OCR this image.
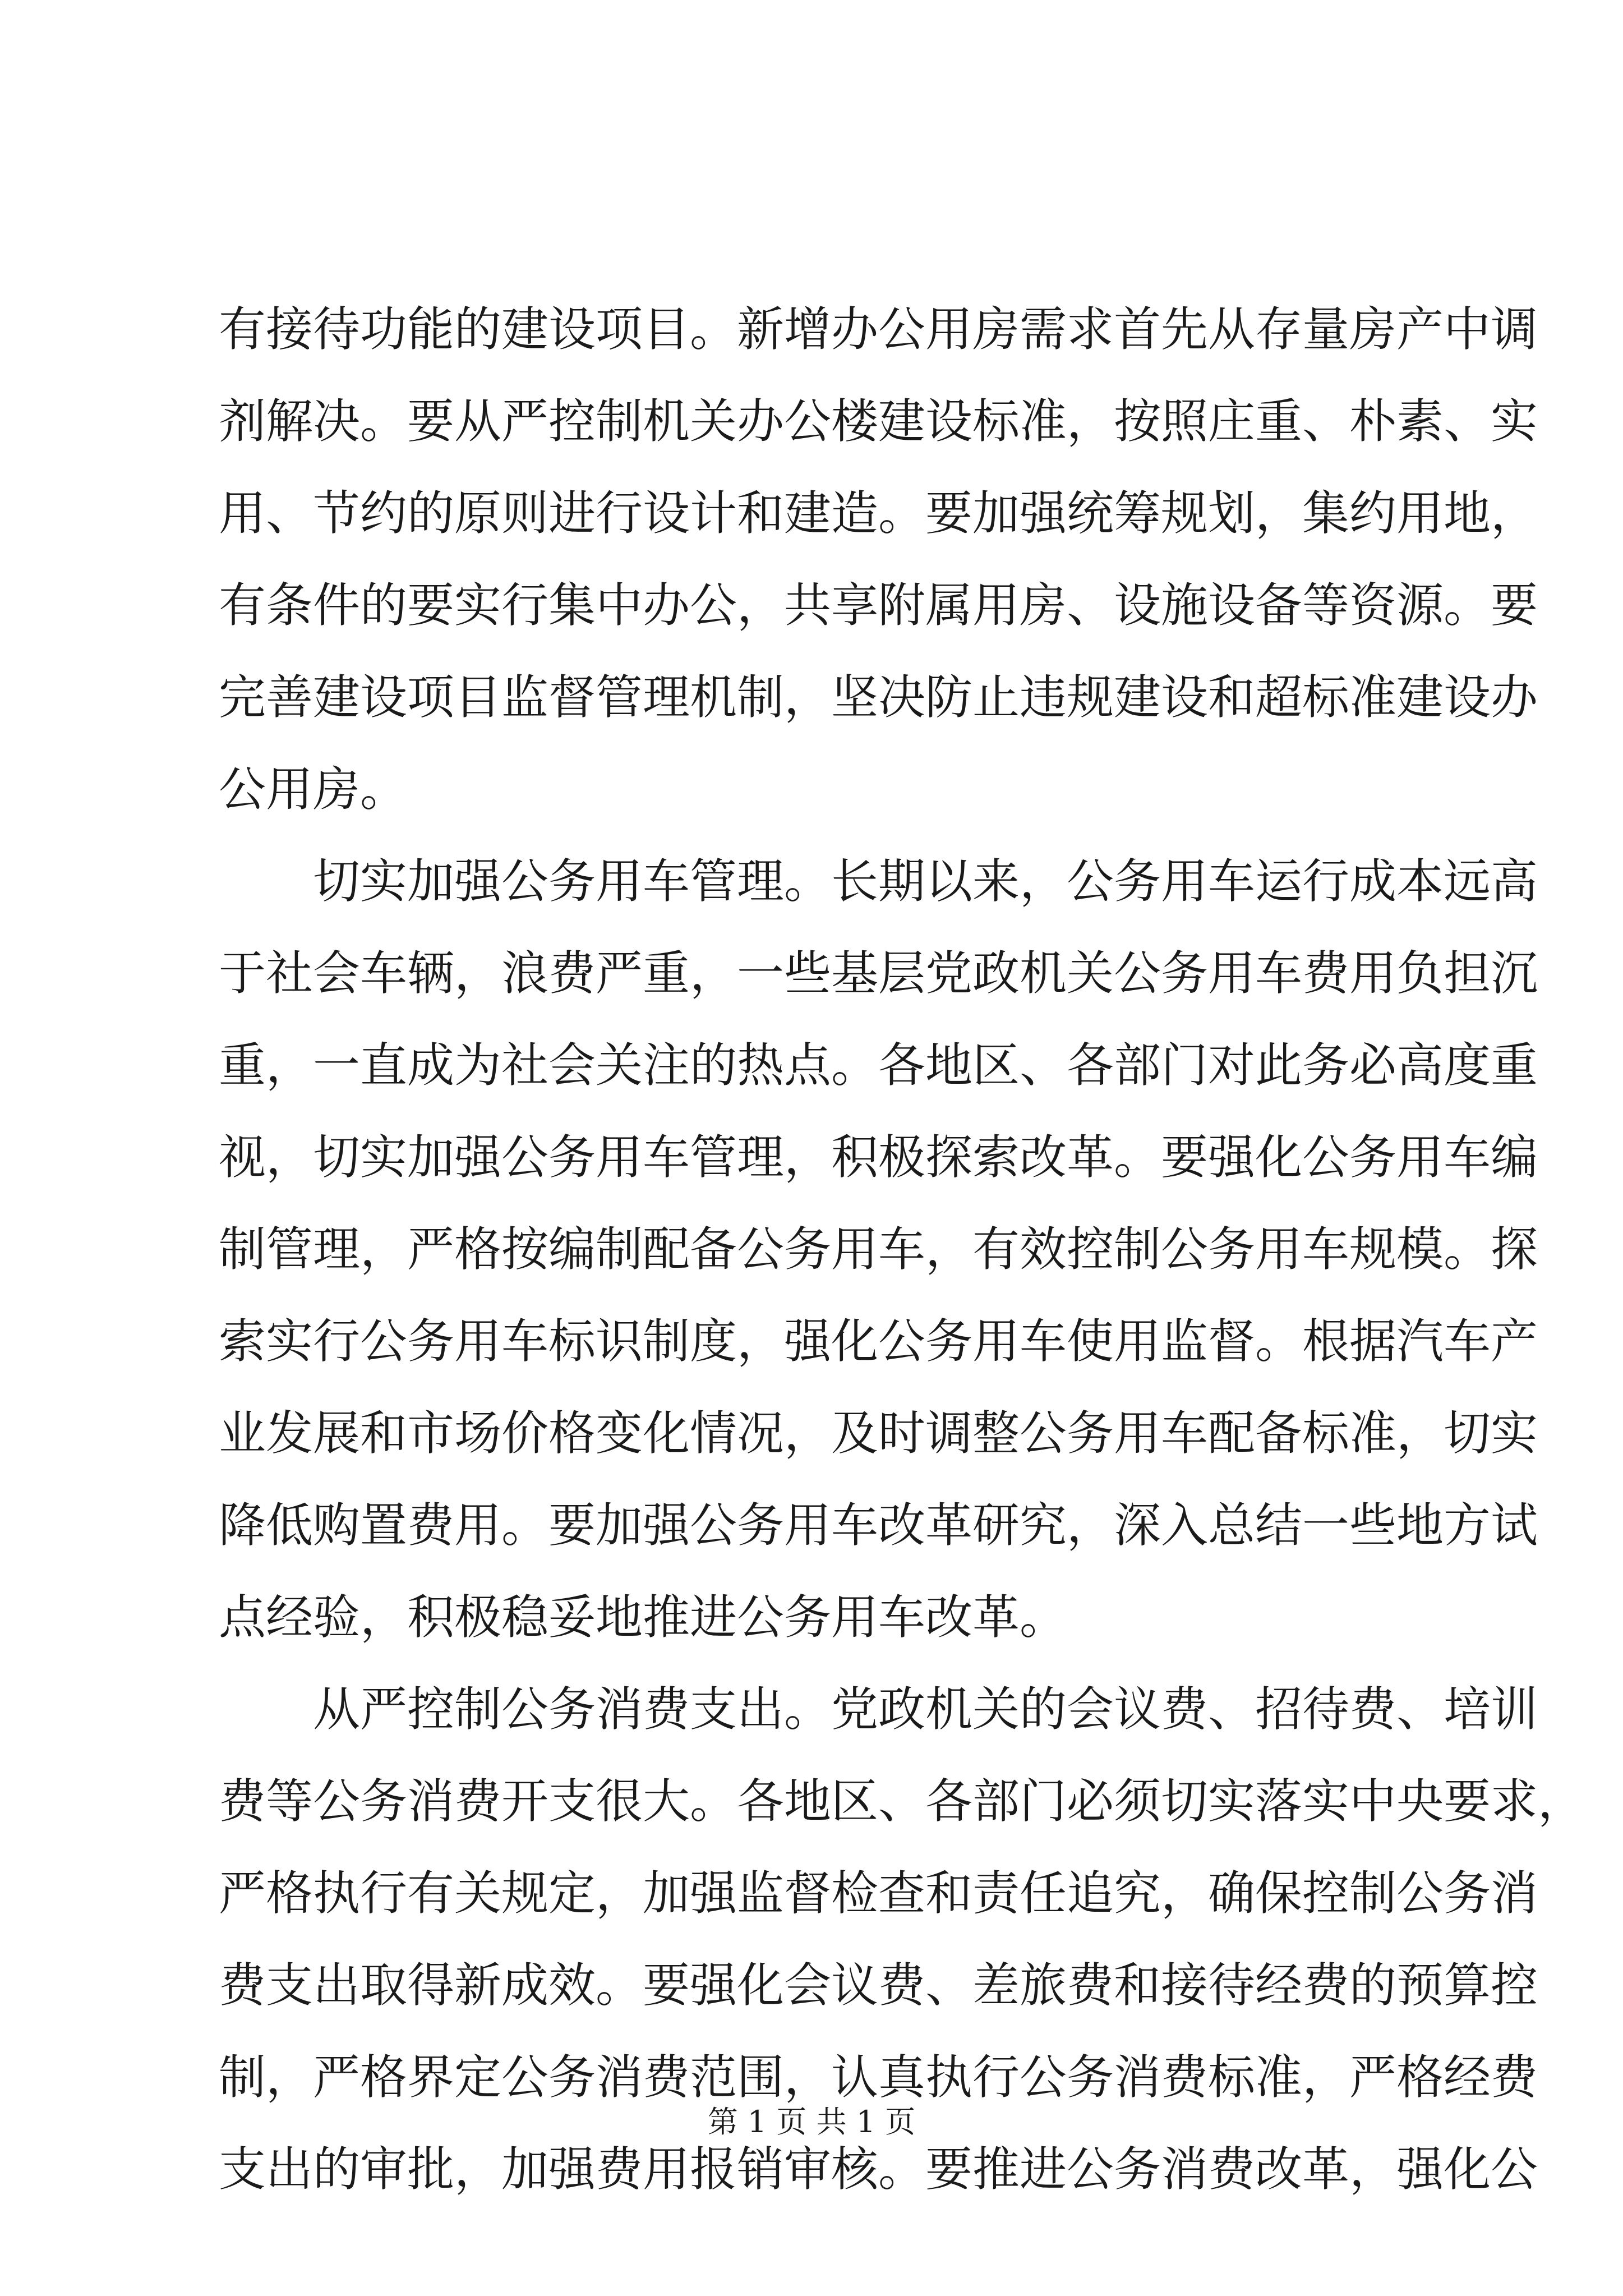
有接待功能的建设项目。新增办公用房需求首先从存量房产中调
剂解决。要从严控制机关办公楼建设标准，按照庄重、朴素、实
用、节约的原则进行设计和建造。要加强统筹规划，集约用地，
有条件的要实行集中办公，共享附属用房、设施设备等资源。要
完善建设项目监督管理机制，坚决防止违规建设和超标准建设办
公用房。
切实加强公务用车管理。长期以来，公务用车运行成本远高
于社会车辆，浪费严重，一些基层党政机关公务用车费用负担沉
重，一直成为社会关注的热点。各地区、各部门对此务必高度重
视，切实加强公务用车管理，积极探索改革。要强化公务用车编
制管理，严格按编制配备公务用车，有效控制公务用车规模。探
索实行公务用车标识制度，强化公务用车使用监督。根据汽车产
业发展和市场价格变化情况，及时调整公务用车配备标准，切实
降低购置费用。要加强公务用车改革研究，深入总结一些地方试
点经验，积极稳妥地推进公务用车改革。
从严控制公务消费支出。党政机关的会议费、招待费、培训
费等公务消费开支很大。各地区、各部门必须切实落实中央要求，
严格执行有关规定，加强监督检查和责任追究，确保控制公务消
费支出取得新成效。要强化会议费、差旅费和接待经费的预算控
制，严格界定公务消费范围，认真执行公务消费标准，严格经费
支出的审批，加强费用报销审核。要推进公务消费改革，强化公
第 1 页 共 1 页
